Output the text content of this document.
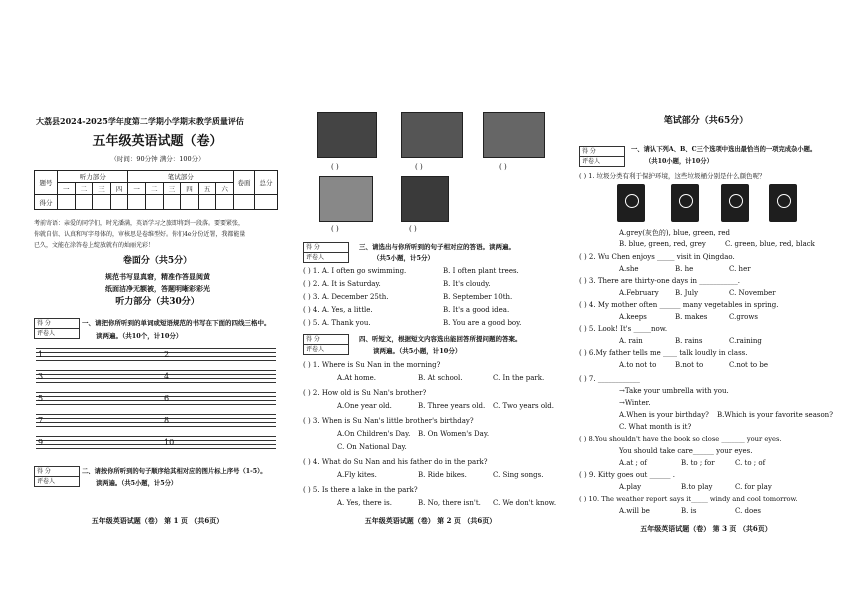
大荔县2024-2025学年度第二学期小学期末教学质量评估
五年级英语试题（卷）
（时间：90分钟 满分：100分）
题号	听力部分				笔试部分						卷面	总分
	一	二	三	四	一	二	三	四	五	六		
得分												
考前寄语：亲爱的同学们，时光潘满，英语学习之旅即将到一段落。要要紧张，
你就自信、认真和写字母体的，审核思是卷维型好。你们4e分份近署，我都能量
已久，文能在涂答卷上绽放就有的灿丽光彩！
卷面分（共5分）
规范书写显真窘，精准作答显阅黄
纸面洁净无额被，答题明晰彩彩光
听力部分（共30分）
得 分
评卷人
一、请把你所听到的单词或短语规范的书写在下面的四线三格中。
读两遍。（共10个，计10分）
1	2
3	4
5	6
7	8
9	10
得 分
评卷人
二、请按你所听到的句子顺序给其相对应的图片标上序号（1-5）。
读两遍。（共5小题，计5分）
五年级英语试题（卷） 第 1 页 （共6页）
( )	( )	( )
( )	( )
得 分
评卷人
三、请选出与你所听到的句子相对应的答语。读两遍。
（共5小题，计5分）
( ) 1. A. I often go swimming.	B. I often plant trees.
( ) 2. A. It is Saturday.	B. It's cloudy.
( ) 3. A. December 25th.	B. September 10th.
( ) 4. A. Yes, a little.	B. It's a good idea.
( ) 5. A. Thank you.	B. You are a good boy.
得 分
评卷人
四、听短文，根据短文内容选出能回答所提问题的答案。
读两遍。（共5小题，计10分）
( ) 1. Where is Su Nan in the morning?
A.At home.	B. At school.	C. In the park.
( ) 2. How old is Su Nan's brother?
A.One year old.	B. Three years old. C. Two years old.
( ) 3. When is Su Nan's little brother's birthday?
A.On Children's Day. B. On Women's Day.
C. On National Day.
( ) 4. What do Su Nan and his father do in the park?
A.Fly kites.	B. Ride bikes.	C. Sing songs.
( ) 5. Is there a lake in the park?
A. Yes, there is.	B. No, there isn't. C. We don't know.
五年级英语试题（卷） 第 2 页 （共6页）
笔试部分（共65分）
得 分
评卷人
一、请认下列A、B、C三个选项中选出最恰当的一项完成杂小题。
（共10小题，计10分）
( ) 1. 垃圾分类有利于保护环境，这些垃圾桶分别是什么颜色呢？
A.grey(灰色的), blue, green, red
B. blue, green, red, grey	C. green, blue, red, black
( ) 2. Wu Chen enjoys _____ visit in Qingdao.
A.she	B. he	C. her
( ) 3. There are thirty-one days in ___________.
A.February B. July	C. November
( ) 4. My mother often ______ many vegetables in spring.
A.keeps	B. makes	C.grows
( ) 5. Look! It's _____now.
A. rain	B. rains	C.raining
( ) 6.My father tells me ____ talk loudly in class.
A.to not to	B.not to	C.not to be
( ) 7. ____________
→Take your umbrella with you.
→Winter.
A.When is your birthday? B.Which is your favorite season?
C. What month is it?
( ) 8.You shouldn't have the book so close _______ your eyes.
You should take care______ your eyes.
A.at ; of	B. to ; for	C. to ; of
( ) 9. Kitty goes out ______ .
A.play	B.to play	C. for play
( ) 10. The weather report says it_____ windy and cool tomorrow.
A.will be	B. is	C. does
五年级英语试题（卷） 第 3 页 （共6页）
